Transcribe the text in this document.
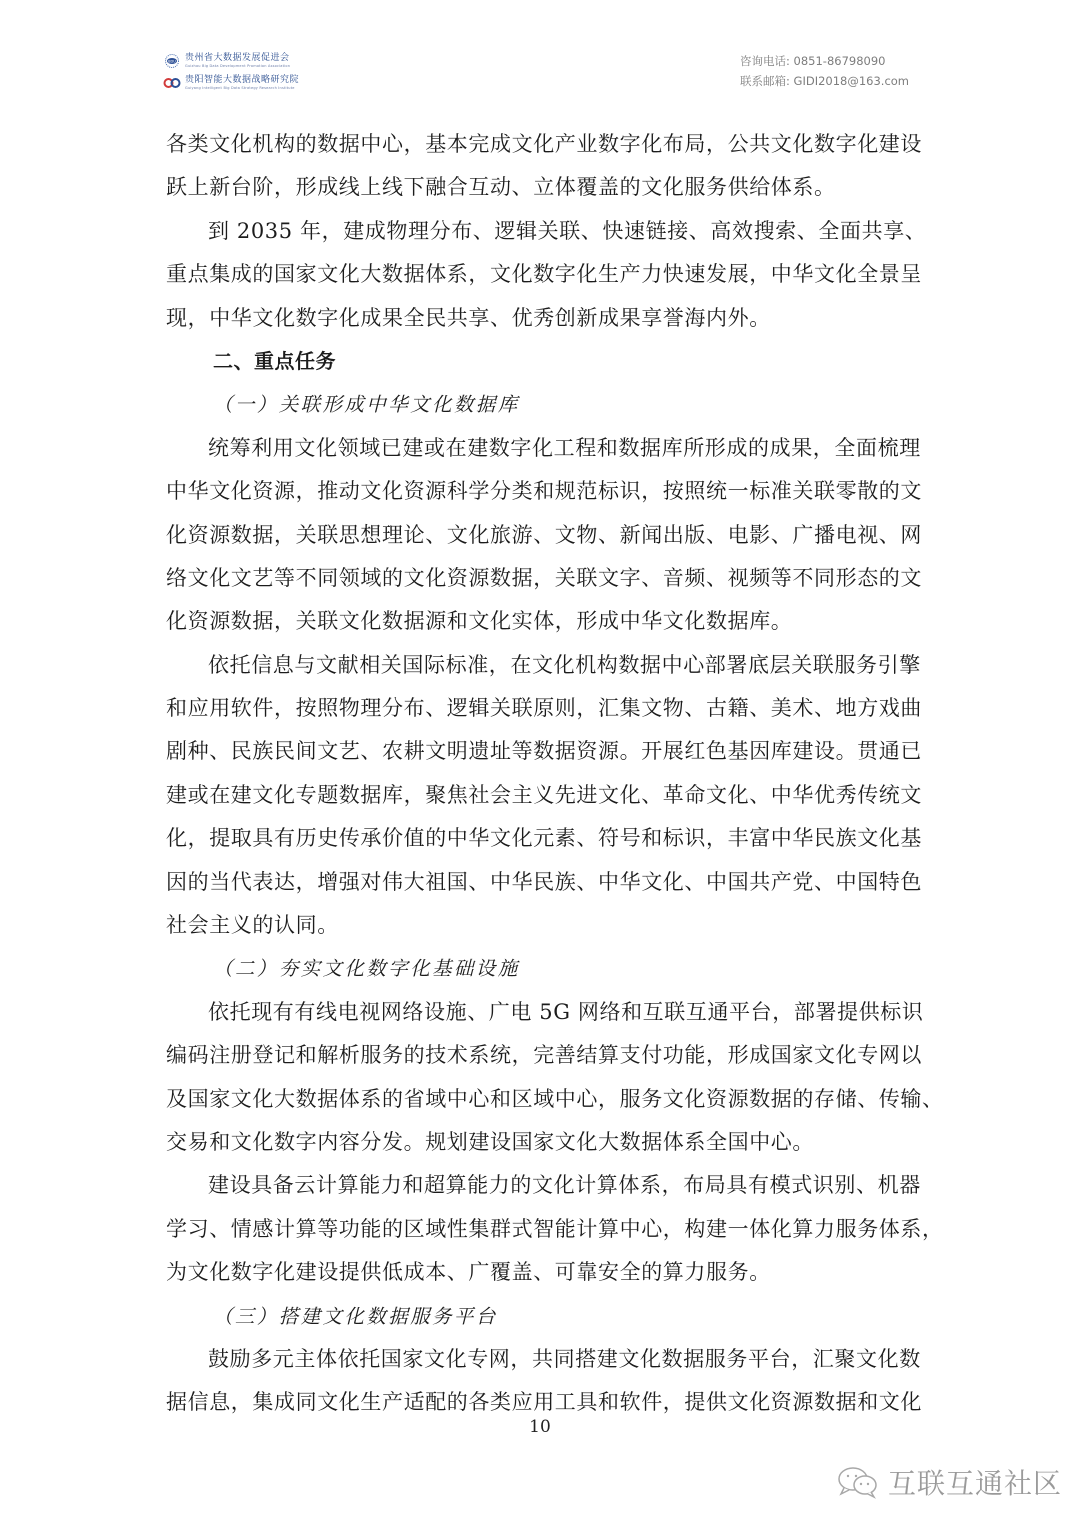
BDU 贵州省大数据发展促进会
Guizhou Big Data Development Promotion Association
贵阳智能大数据战略研究院
Guiyang Intelligent Big Data Strategy Research Institute
咨询电话: 0851-86798090
联系邮箱: GIDI2018@163.com
各类文化机构的数据中心，基本完成文化产业数字化布局，公共文化数字化建设
跃上新台阶，形成线上线下融合互动、立体覆盖的文化服务供给体系。
到 2035 年，建成物理分布、逻辑关联、快速链接、高效搜索、全面共享、
重点集成的国家文化大数据体系，文化数字化生产力快速发展，中华文化全景呈
现，中华文化数字化成果全民共享、优秀创新成果享誉海内外。
二、重点任务
（一）关联形成中华文化数据库
统筹利用文化领域已建或在建数字化工程和数据库所形成的成果，全面梳理
中华文化资源，推动文化资源科学分类和规范标识，按照统一标准关联零散的文
化资源数据，关联思想理论、文化旅游、文物、新闻出版、电影、广播电视、网
络文化文艺等不同领域的文化资源数据，关联文字、音频、视频等不同形态的文
化资源数据，关联文化数据源和文化实体，形成中华文化数据库。
依托信息与文献相关国际标准，在文化机构数据中心部署底层关联服务引擎
和应用软件，按照物理分布、逻辑关联原则，汇集文物、古籍、美术、地方戏曲
剧种、民族民间文艺、农耕文明遗址等数据资源。开展红色基因库建设。贯通已
建或在建文化专题数据库，聚焦社会主义先进文化、革命文化、中华优秀传统文
化，提取具有历史传承价值的中华文化元素、符号和标识，丰富中华民族文化基
因的当代表达，增强对伟大祖国、中华民族、中华文化、中国共产党、中国特色
社会主义的认同。
（二）夯实文化数字化基础设施
依托现有有线电视网络设施、广电 5G 网络和互联互通平台，部署提供标识
编码注册登记和解析服务的技术系统，完善结算支付功能，形成国家文化专网以
及国家文化大数据体系的省域中心和区域中心，服务文化资源数据的存储、传输、
交易和文化数字内容分发。规划建设国家文化大数据体系全国中心。
建设具备云计算能力和超算能力的文化计算体系，布局具有模式识别、机器
学习、情感计算等功能的区域性集群式智能计算中心，构建一体化算力服务体系，
为文化数字化建设提供低成本、广覆盖、可靠安全的算力服务。
（三）搭建文化数据服务平台
鼓励多元主体依托国家文化专网，共同搭建文化数据服务平台，汇聚文化数
据信息，集成同文化生产适配的各类应用工具和软件，提供文化资源数据和文化
10
互联互通社区
